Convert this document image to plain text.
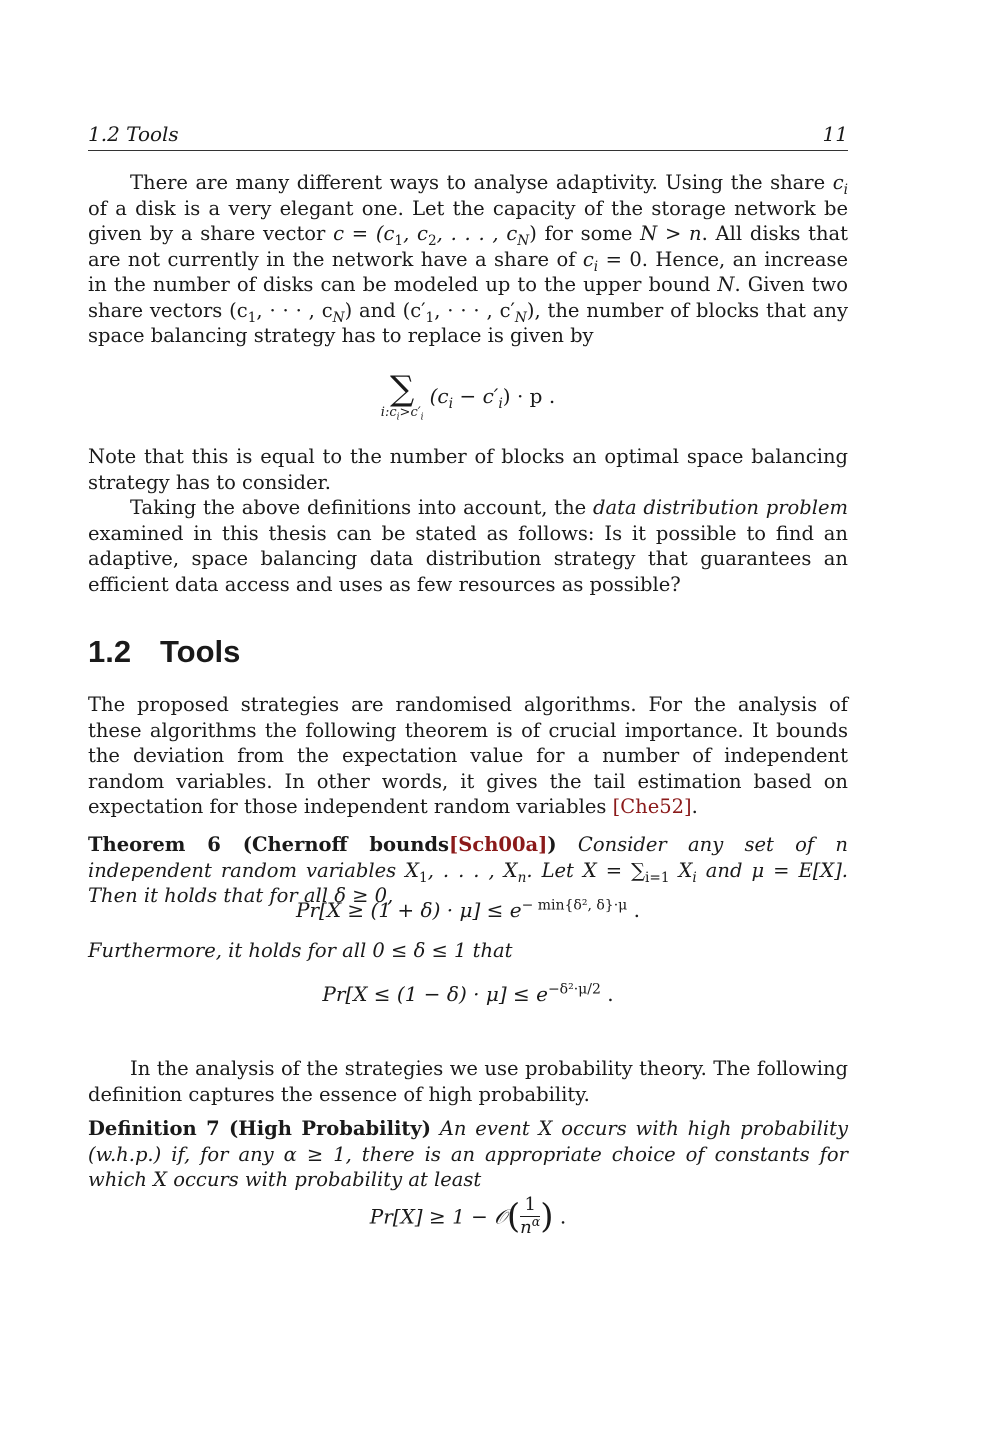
1.2 Tools	11

There are many different ways to analyse adaptivity. Using the share $c_i$ of a disk is a very elegant one. Let the capacity of the storage network be given by a share vector $c = (c_1$, $c_2$, . . . , $c_N$) for some N > n. All disks that are not currently in the network have a share of $c_i = 0$. Hence, an increase in the number of disks can be modeled up to the upper bound N. Given two share vectors ($c_1$, · · · , $c_N$) and ($c'_1$, · · · , $c'_N$), the number of blocks that any space balancing strategy has to replace is given by

∑
$i:c_i>c'_i$
$(c_i - c'_i) \cdot p$ .

Note that this is equal to the number of blocks an optimal space balancing strategy has to consider.

Taking the above definitions into account, the data distribution problem examined in this thesis can be stated as follows: Is it possible to find an adaptive, space balancing data distribution strategy that guarantees an efficient data access and uses as few resources as possible?

1.2 Tools

The proposed strategies are randomised algorithms. For the analysis of these algorithms the following theorem is of crucial importance. It bounds the deviation from the expectation value for a number of independent random variables. In other words, it gives the tail estimation based on expectation for those independent random variables [Che52].

Theorem 6 (Chernoff bounds[Sch00a]) Consider any set of n independent random variables $X_1$, . . . , $X_n$. Let $X = \sum_{i=1}$ $X_i$ and μ = E[X]. Then it holds that for all δ ≥ 0,

$Pr[X \ge (1 + \delta) \cdot \mu] \le e^{- min\{\delta^2, \delta\}\cdot\mu}$ .

Furthermore, it holds for all 0 ≤ δ ≤ 1 that

$Pr[X \le (1 - \delta) \cdot \mu] \le e^{-\delta^2\cdot\mu/2}$ .

In the analysis of the strategies we use probability theory. The following definition captures the essence of high probability.

Definition 7 (High Probability) An event X occurs with high probability (w.h.p.) if, for any α ≥ 1, there is an appropriate choice of constants for which X occurs with probability at least

Pr[X] ≥ 1 − 𝒪( $\frac{1}{n^\alpha}$ ) .
